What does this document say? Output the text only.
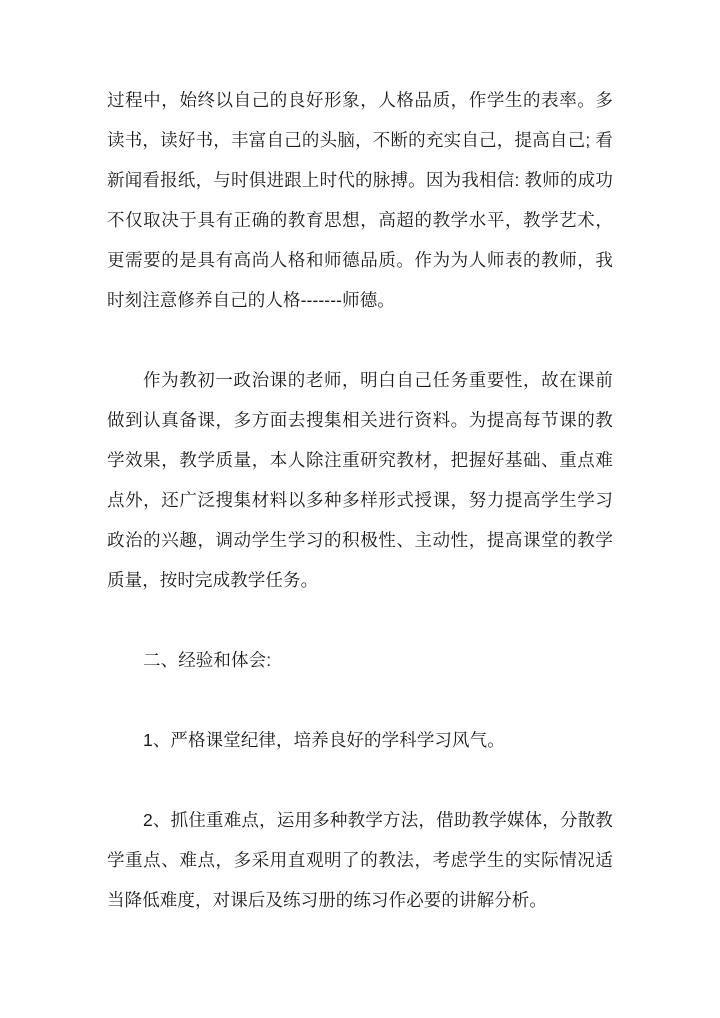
过程中，始终以自己的良好形象，人格品质，作学生的表率。多读书，读好书，丰富自己的头脑，不断的充实自己，提高自己; 看新闻看报纸，与时俱进跟上时代的脉搏。因为我相信: 教师的成功不仅取决于具有正确的教育思想，高超的教学水平，教学艺术，更需要的是具有高尚人格和师德品质。作为为人师表的教师，我时刻注意修养自己的人格-------师德。

作为教初一政治课的老师，明白自己任务重要性，故在课前做到认真备课，多方面去搜集相关进行资料。为提高每节课的教学效果，教学质量，本人除注重研究教材，把握好基础、重点难点外，还广泛搜集材料以多种多样形式授课，努力提高学生学习政治的兴趣，调动学生学习的积极性、主动性，提高课堂的教学质量，按时完成教学任务。

二、经验和体会:

1、严格课堂纪律，培养良好的学科学习风气。

2、抓住重难点，运用多种教学方法，借助教学媒体，分散教学重点、难点，多采用直观明了的教法，考虑学生的实际情况适当降低难度，对课后及练习册的练习作必要的讲解分析。
